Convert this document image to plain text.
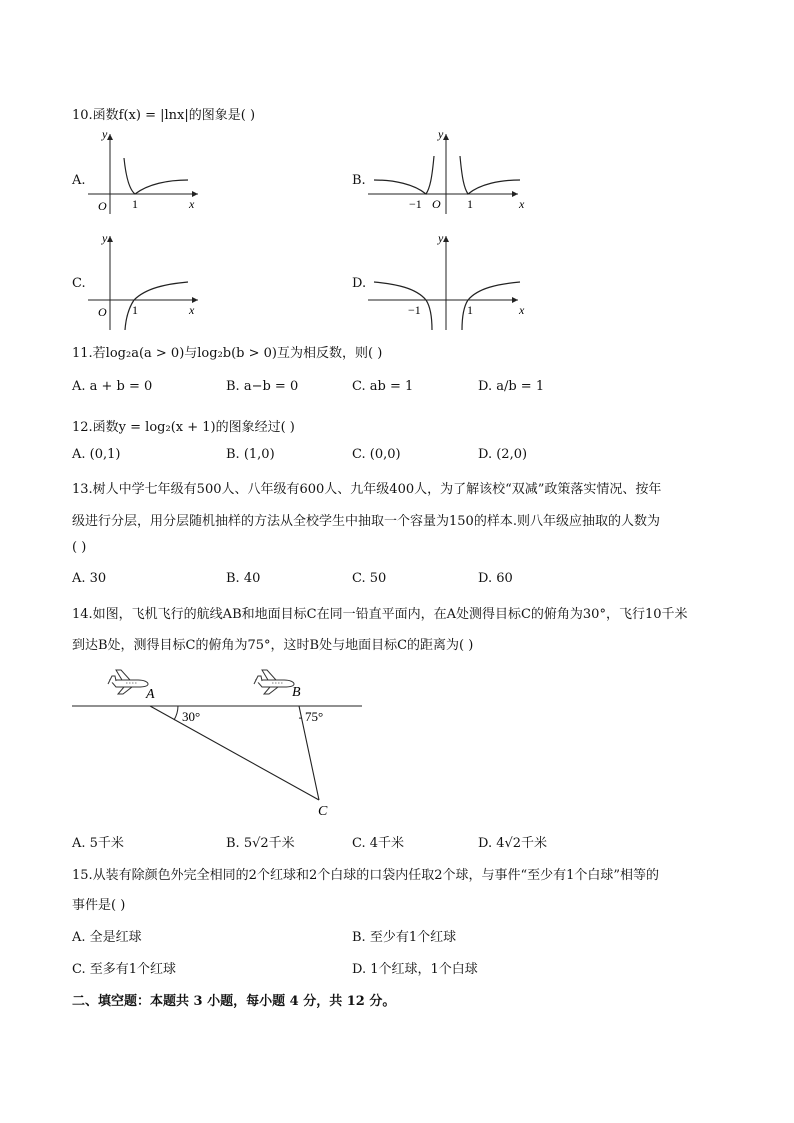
10.函数f(x) = |lnx|的图象是( )
A.
y
O 1	x
B.
y
−1 O 1	x
C.
y
O 1	x
D.
y
−1	1	x
11.若log₂a(a > 0)与log₂b(b > 0)互为相反数，则( )
A. a + b = 0	B. a−b = 0	C. ab = 1	D. a/b = 1
12.函数y = log₂(x + 1)的图象经过( )
A. (0,1)	B. (1,0)	C. (0,0)	D. (2,0)
13.树人中学七年级有500人、八年级有600人、九年级400人，为了解该校“双减”政策落实情况、按年
级进行分层，用分层随机抽样的方法从全校学生中抽取一个容量为150的样本.则八年级应抽取的人数为
( )
A. 30	B. 40	C. 50	D. 60
14.如图，飞机飞行的航线AB和地面目标C在同一铅直平面内，在A处测得目标C的俯角为30°，飞行10千米
到达B处，测得目标C的俯角为75°，这时B处与地面目标C的距离为( )
A	B
C
30°	75°
A. 5千米	B. 5√2千米	C. 4千米	D. 4√2千米
15.从装有除颜色外完全相同的2个红球和2个白球的口袋内任取2个球，与事件“至少有1个白球”相等的
事件是( )
A. 全是红球	B. 至少有1个红球
C. 至多有1个红球	D. 1个红球，1个白球
二、填空题：本题共 3 小题，每小题 4 分，共 12 分。
